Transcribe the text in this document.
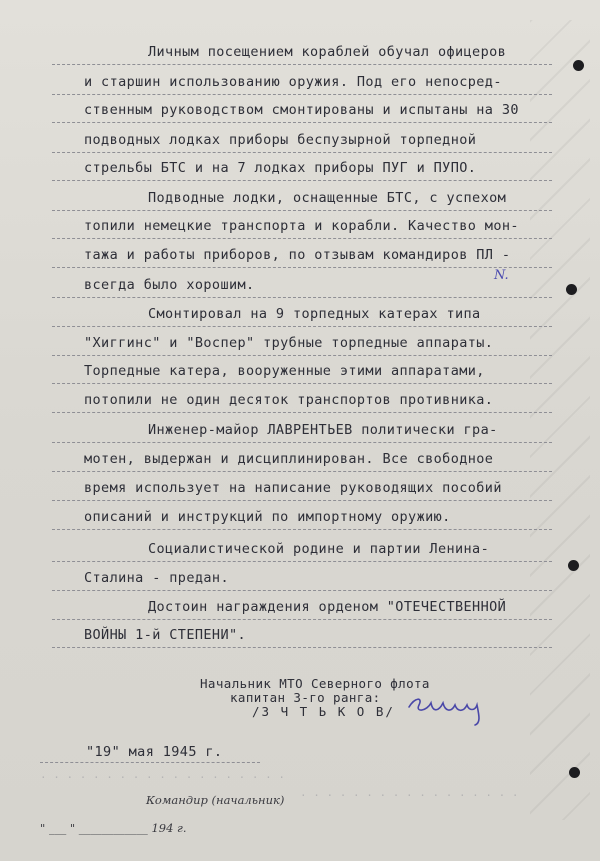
Личным посещением кораблей обучал офицеров
и старшин использованию оружия. Под его непосред-
ственным руководством смонтированы и испытаны на 30
подводных лодках приборы беспузырной торпедной
стрельбы БТС и на 7 лодках приборы ПУГ и ПУПО.
Подводные лодки, оснащенные БТС, с успехом
топили немецкие транспорта и корабли. Качество мон-
тажа и работы приборов, по отзывам командиров ПЛ -
всегда было хорошим.
N.
Смонтировал на 9 торпедных катерах типа
"Хиггинс" и "Воспер" трубные торпедные аппараты.
Торпедные катера, вооруженные этими аппаратами,
потопили не один десяток транспортов противника.
Инженер-майор ЛАВРЕНТЬЕВ политически гра-
мотен, выдержан и дисциплинирован. Все свободное
время использует на написание руководящих пособий
описаний и инструкций по импортному оружию.
Социалистической родине и партии Ленина-
Сталина - предан.
Достоин награждения орденом "ОТЕЧЕСТВЕННОЙ
ВОЙНЫ 1-й СТЕПЕНИ".
Начальник МТО Северного флота
капитан 3-го ранга:
/З Ч Т Ь К О В/
"19" мая 1945 г.
. . . . . . . . . . . . . . . . . . .
. . . . . . . . . . . . . . . . .
Командир (начальник)
" ___ " ____________ 194 г.
